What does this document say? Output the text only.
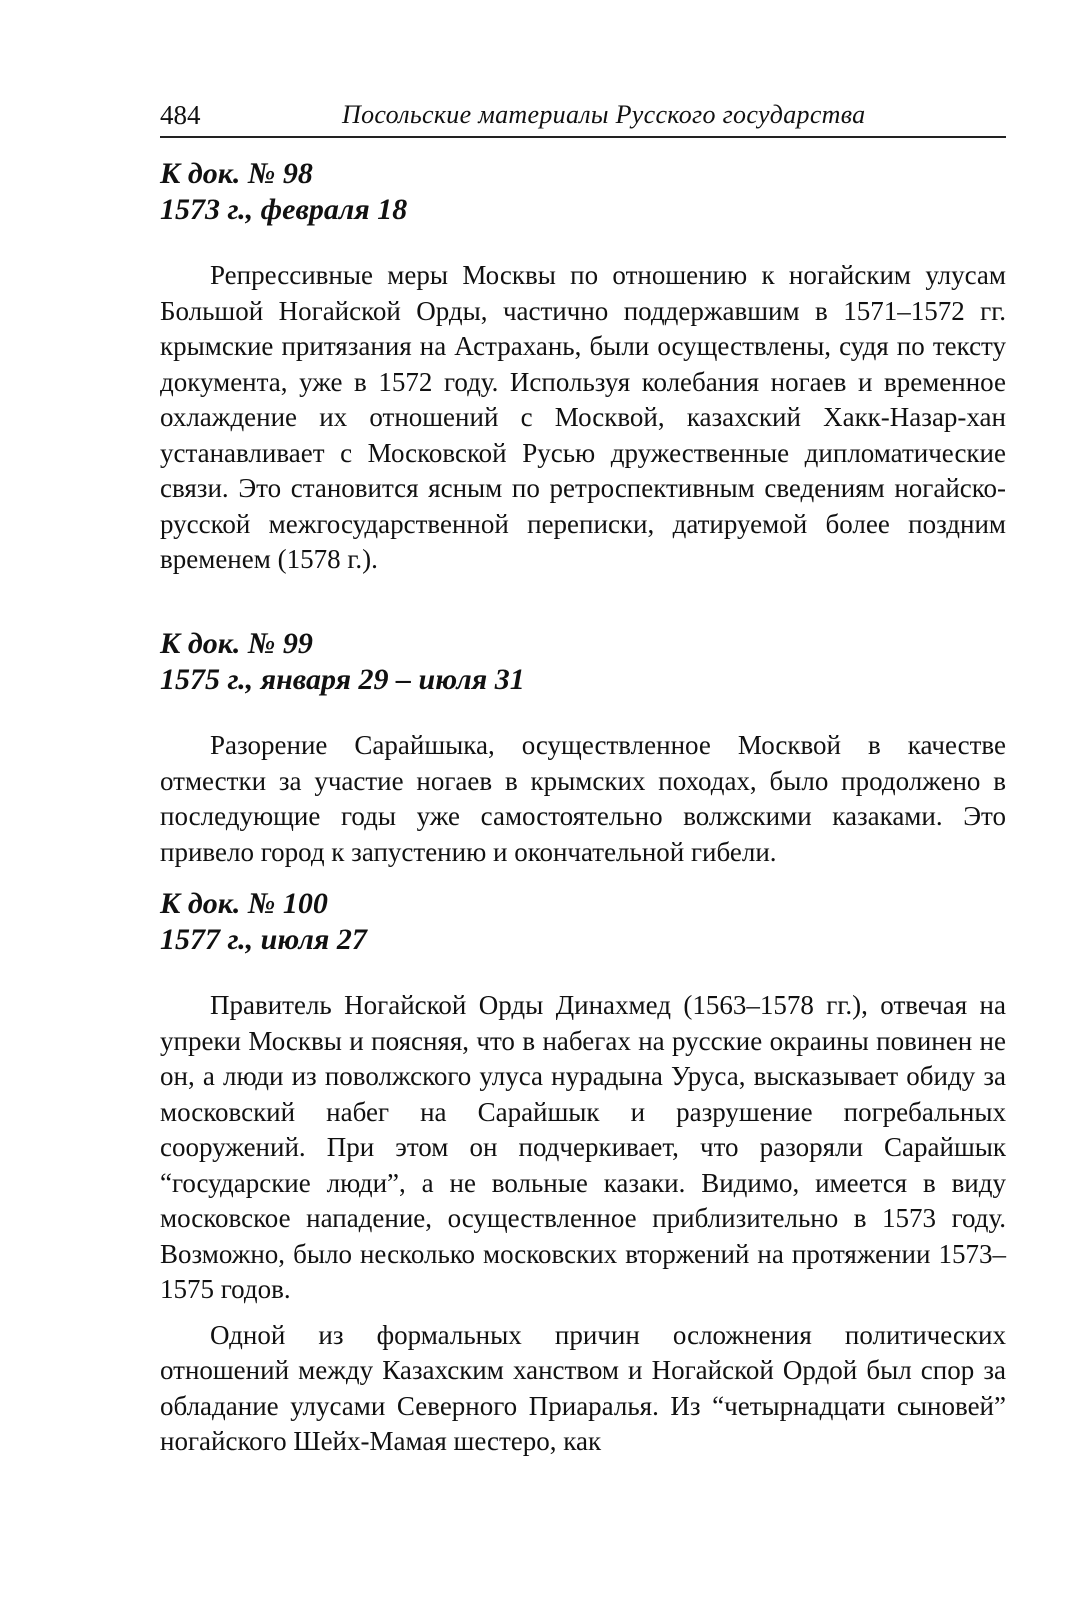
484	Посольские материалы Русского государства
К док. № 98
1573 г., февраля 18

Репрессивные меры Москвы по отношению к ногайским улусам Большой Ногайской Орды, частично поддержавшим в 1571–1572 гг. крымские притязания на Астрахань, были осуществлены, судя по тексту документа, уже в 1572 году. Используя колебания ногаев и временное охлаждение их отношений с Москвой, казахский Хакк-Назар-хан устанавливает с Московской Русью дружественные дипломатические связи. Это становится ясным по ретроспективным сведениям ногайско-русской межгосударственной переписки, датируемой более поздним временем (1578 г.).

К док. № 99
1575 г., января 29 – июля 31

Разорение Сарайшыка, осуществленное Москвой в качестве отместки за участие ногаев в крымских походах, было продолжено в последующие годы уже самостоятельно волжскими казаками. Это привело город к запустению и окончательной гибели.

К док. № 100
1577 г., июля 27

Правитель Ногайской Орды Динахмед (1563–1578 гг.), отвечая на упреки Москвы и поясняя, что в набегах на русские окраины повинен не он, а люди из поволжского улуса нурадына Уруса, высказывает обиду за московский набег на Сарайшык и разрушение погребальных сооружений. При этом он подчеркивает, что разоряли Сарайшык “государские люди”, а не вольные казаки. Видимо, имеется в виду московское нападение, осуществленное приблизительно в 1573 году. Возможно, было несколько московских вторжений на протяжении 1573–1575 годов.

Одной из формальных причин осложнения политических отношений между Казахским ханством и Ногайской Ордой был спор за обладание улусами Северного Приаралья. Из “четырнадцати сыновей” ногайского Шейх-Мамая шестеро, как
